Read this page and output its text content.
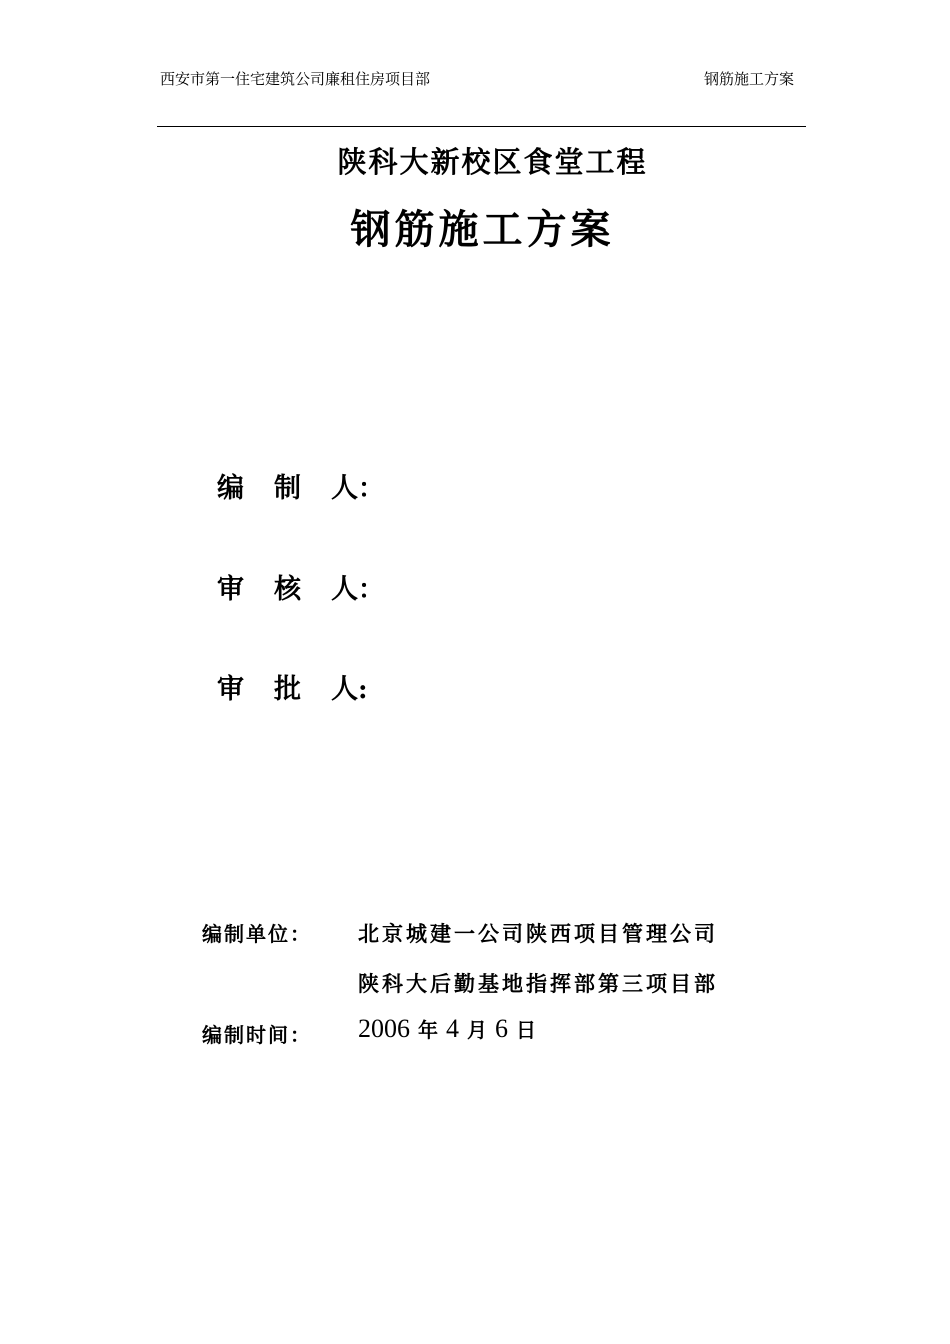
西安市第一住宅建筑公司廉租住房项目部	钢筋施工方案
陕科大新校区食堂工程
钢筋施工方案
编	制	人 ：
审	核	人 ：
审	批	人 :
编制单位： 北京城建一公司陕西项目管理公司
陕科大后勤基地指挥部第三项目部
编制时间： 2006 年 4 月 6 日
